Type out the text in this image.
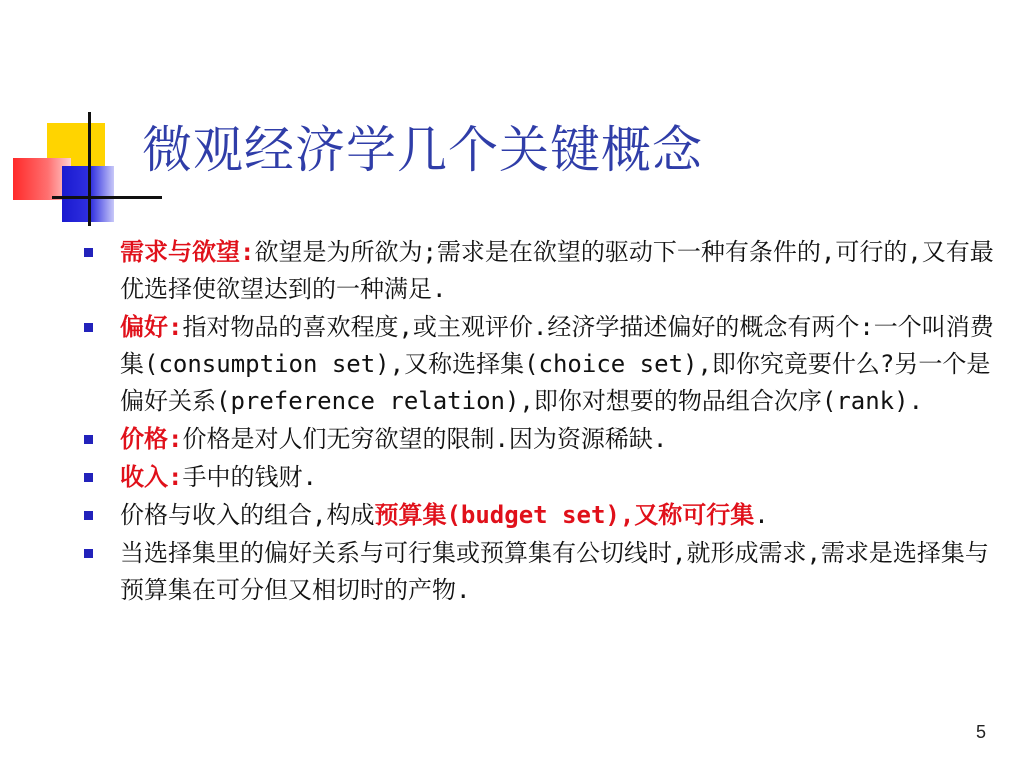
微观经济学几个关键概念
需求与欲望:欲望是为所欲为;需求是在欲望的驱动下一种有条件的,可行的,又有最优选择使欲望达到的一种满足.
偏好:指对物品的喜欢程度,或主观评价.经济学描述偏好的概念有两个:一个叫消费集(consumption set),又称选择集(choice set),即你究竟要什么?另一个是偏好关系(preference relation),即你对想要的物品组合次序(rank).
价格:价格是对人们无穷欲望的限制.因为资源稀缺.
收入:手中的钱财.
价格与收入的组合,构成预算集(budget set),又称可行集.
当选择集里的偏好关系与可行集或预算集有公切线时,就形成需求,需求是选择集与预算集在可分但又相切时的产物.
5
